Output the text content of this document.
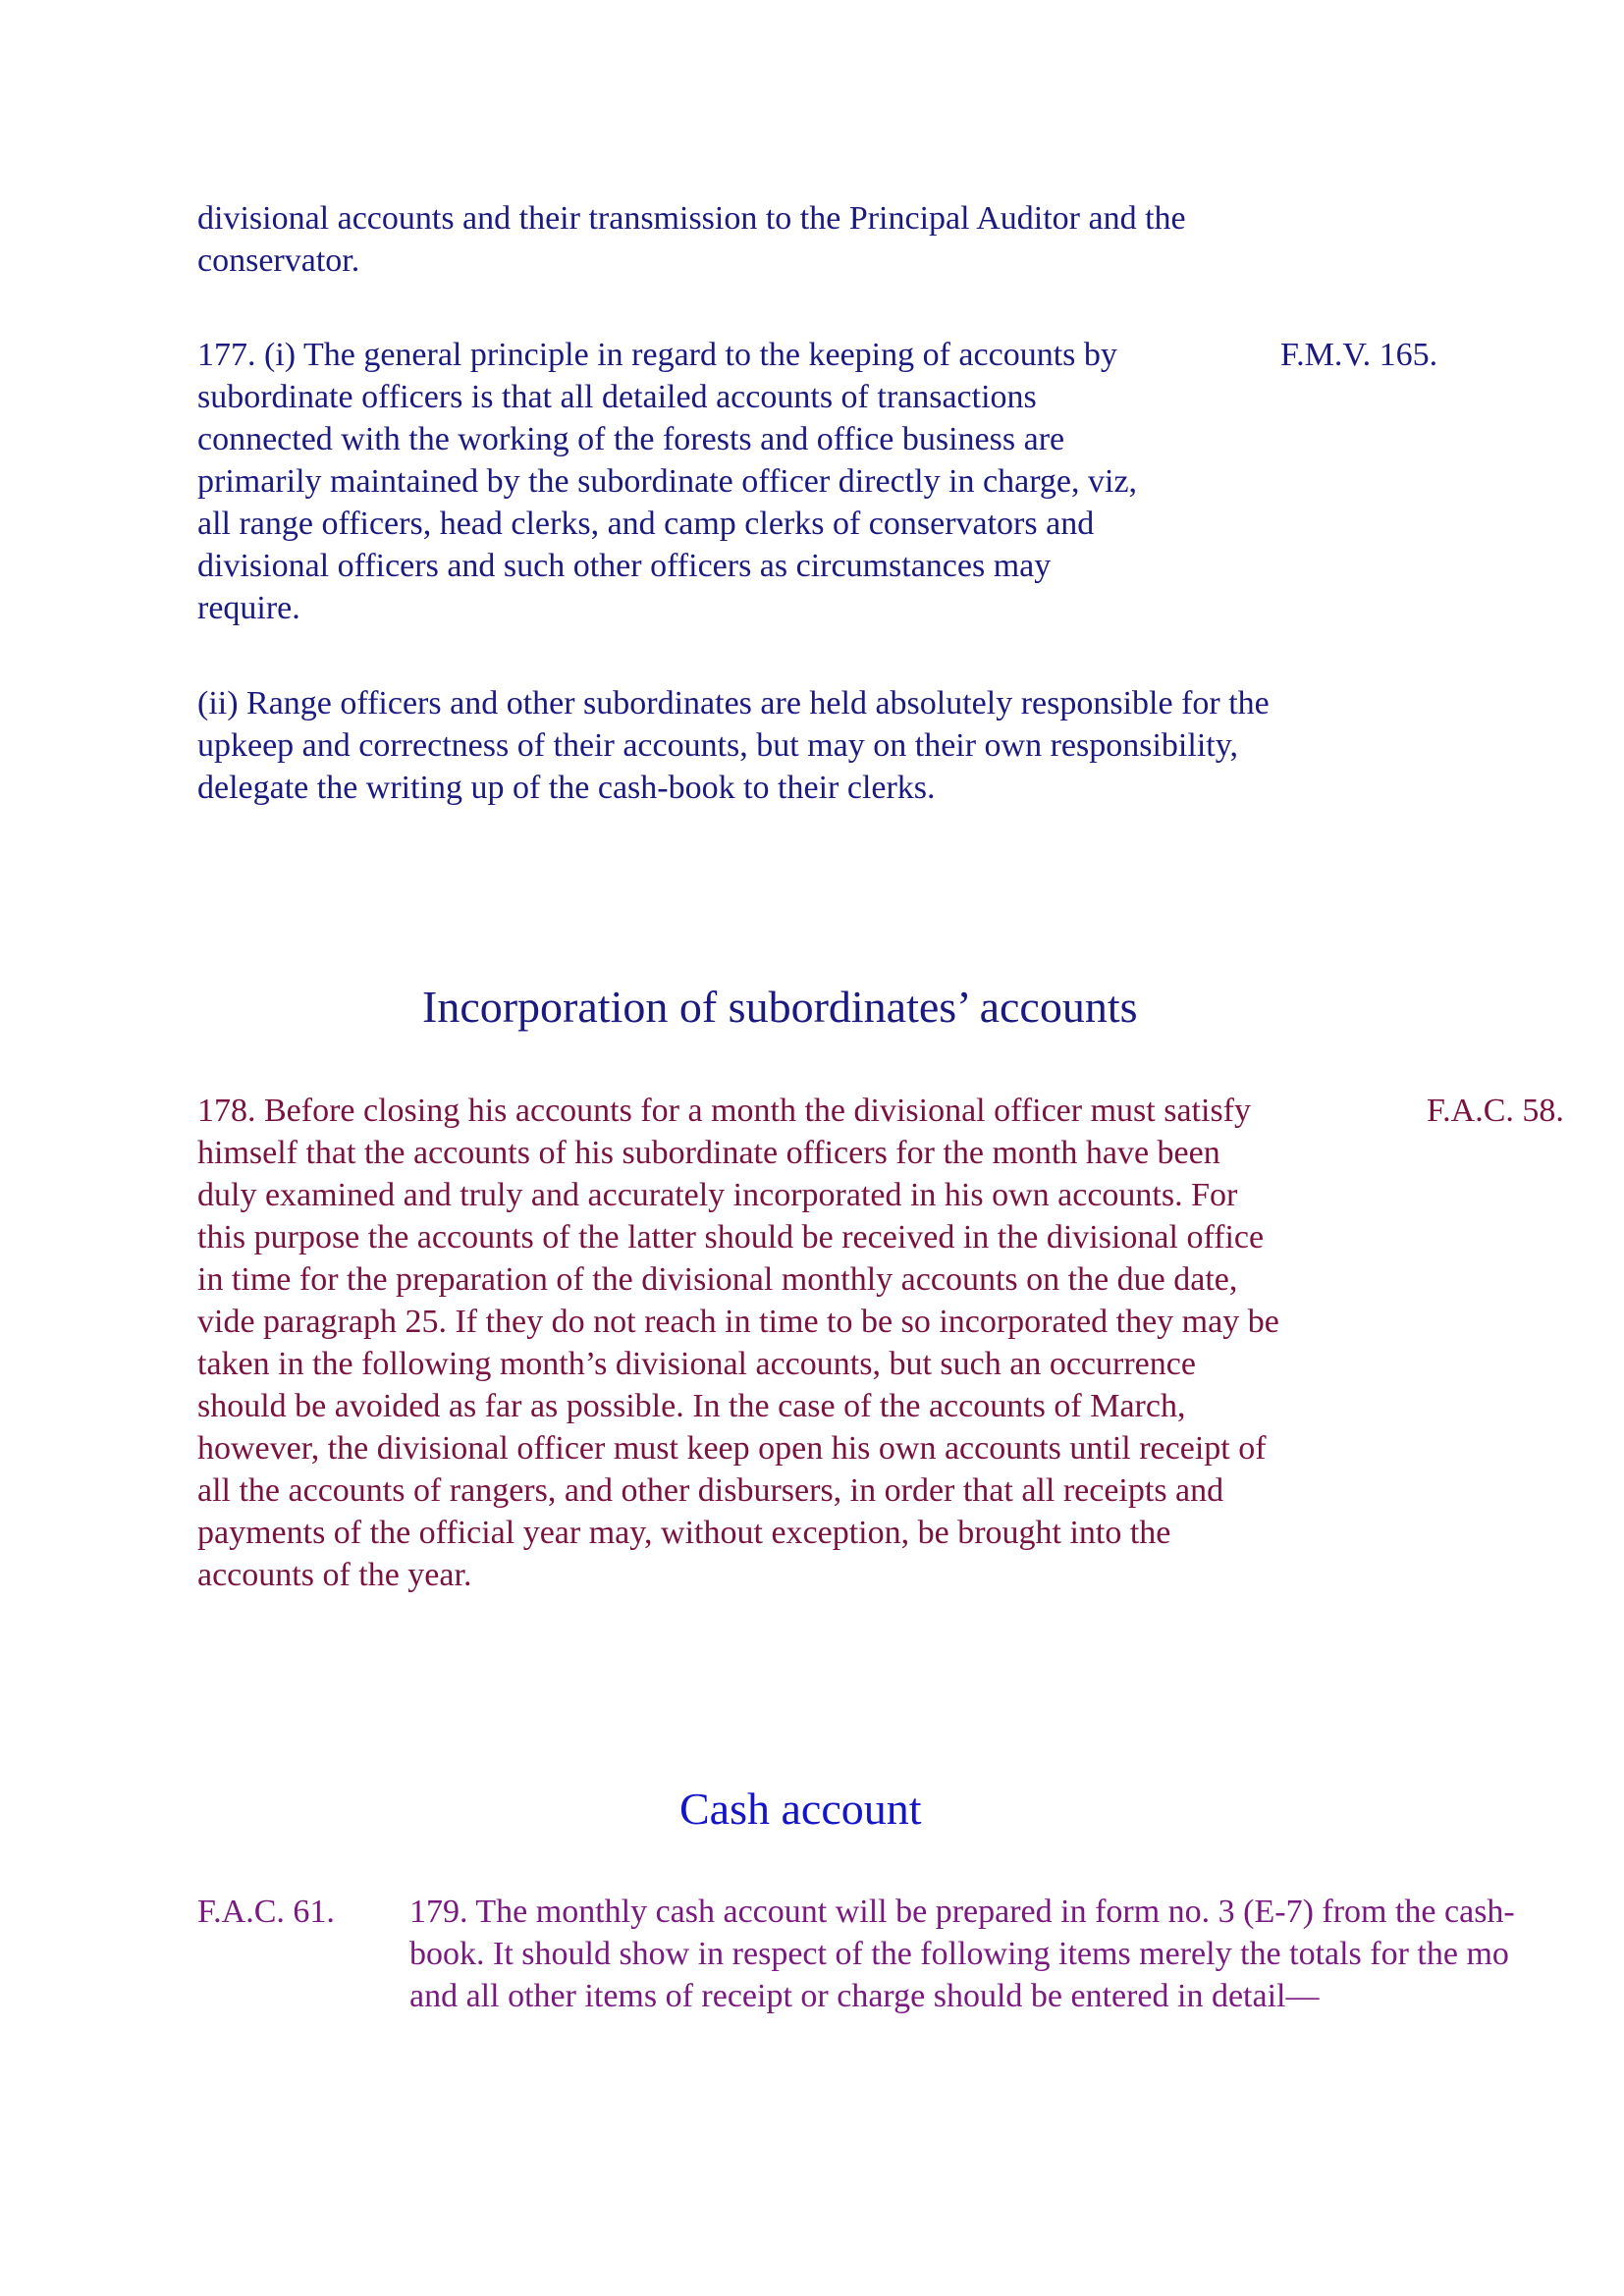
divisional accounts and their transmission to the Principal Auditor and the
conservator.
F.M.V. 165.
177. (i) The general principle in regard to the keeping of accounts by
subordinate officers is that all detailed accounts of transactions
connected with the working of the forests and office business are
primarily maintained by the subordinate officer directly in charge, viz,
all range officers, head clerks, and camp clerks of conservators and
divisional officers and such other officers as circumstances may
require.
(ii) Range officers and other subordinates are held absolutely responsible for the
upkeep and correctness of their accounts, but may on their own responsibility,
delegate the writing up of the cash-book to their clerks.
Incorporation of subordinates’ accounts
F.A.C. 58.
178. Before closing his accounts for a month the divisional officer must satisfy
himself that the accounts of his subordinate officers for the month have been
duly examined and truly and accurately incorporated in his own accounts. For
this purpose the accounts of the latter should be received in the divisional office
in time for the preparation of the divisional monthly accounts on the due date,
vide paragraph 25. If they do not reach in time to be so incorporated they may be
taken in the following month’s divisional accounts, but such an occurrence
should be avoided as far as possible. In the case of the accounts of March,
however, the divisional officer must keep open his own accounts until receipt of
all the accounts of rangers, and other disbursers, in order that all receipts and
payments of the official year may, without exception, be brought into the
accounts of the year.
Cash account
F.A.C. 61. 179. The monthly cash account will be prepared in form no. 3 (E-7) from the cash-
book. It should show in respect of the following items merely the totals for the mo
and all other items of receipt or charge should be entered in detail—
